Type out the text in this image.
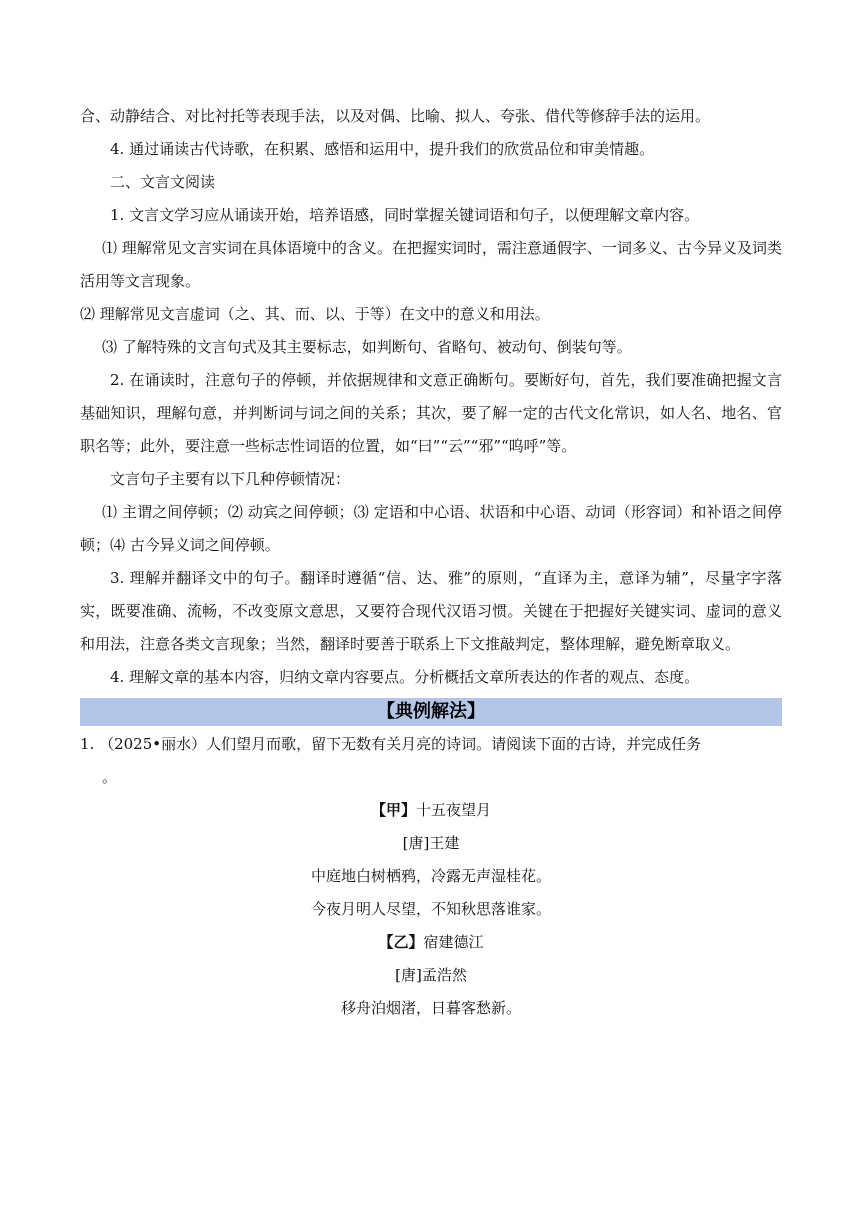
合、动静结合、对比衬托等表现手法，以及对偶、比喻、拟人、夸张、借代等修辞手法的运用。
4. 通过诵读古代诗歌，在积累、感悟和运用中，提升我们的欣赏品位和审美情趣。
二、文言文阅读
1. 文言文学习应从诵读开始，培养语感，同时掌握关键词语和句子，以便理解文章内容。
⑴ 理解常见文言实词在具体语境中的含义。在把握实词时，需注意通假字、一词多义、古今异义及词类活用等文言现象。
⑵ 理解常见文言虚词（之、其、而、以、于等）在文中的意义和用法。
⑶ 了解特殊的文言句式及其主要标志，如判断句、省略句、被动句、倒装句等。
2. 在诵读时，注意句子的停顿，并依据规律和文意正确断句。要断好句，首先，我们要准确把握文言基础知识，理解句意，并判断词与词之间的关系；其次，要了解一定的古代文化常识，如人名、地名、官职名等；此外，要注意一些标志性词语的位置，如“曰”“云”“邪”“呜呼”等。
文言句子主要有以下几种停顿情况：
⑴ 主谓之间停顿；⑵ 动宾之间停顿；⑶ 定语和中心语、状语和中心语、动词（形容词）和补语之间停顿；⑷ 古今异义词之间停顿。
3. 理解并翻译文中的句子。翻译时遵循“信、达、雅”的原则，“直译为主，意译为辅”，尽量字字落实，既要准确、流畅，不改变原文意思，又要符合现代汉语习惯。关键在于把握好关键实词、虚词的意义和用法，注意各类文言现象；当然，翻译时要善于联系上下文推敲判定，整体理解，避免断章取义。
4. 理解文章的基本内容，归纳文章内容要点。分析概括文章所表达的作者的观点、态度。
【典例解法】
1. （2025•丽水）人们望月而歌，留下无数有关月亮的诗词。请阅读下面的古诗，并完成任务
。
【甲】十五夜望月
[唐]王建
中庭地白树栖鸦，冷露无声湿桂花。
今夜月明人尽望，不知秋思落谁家。
【乙】宿建德江
[唐]孟浩然
移舟泊烟渚，日暮客愁新。
